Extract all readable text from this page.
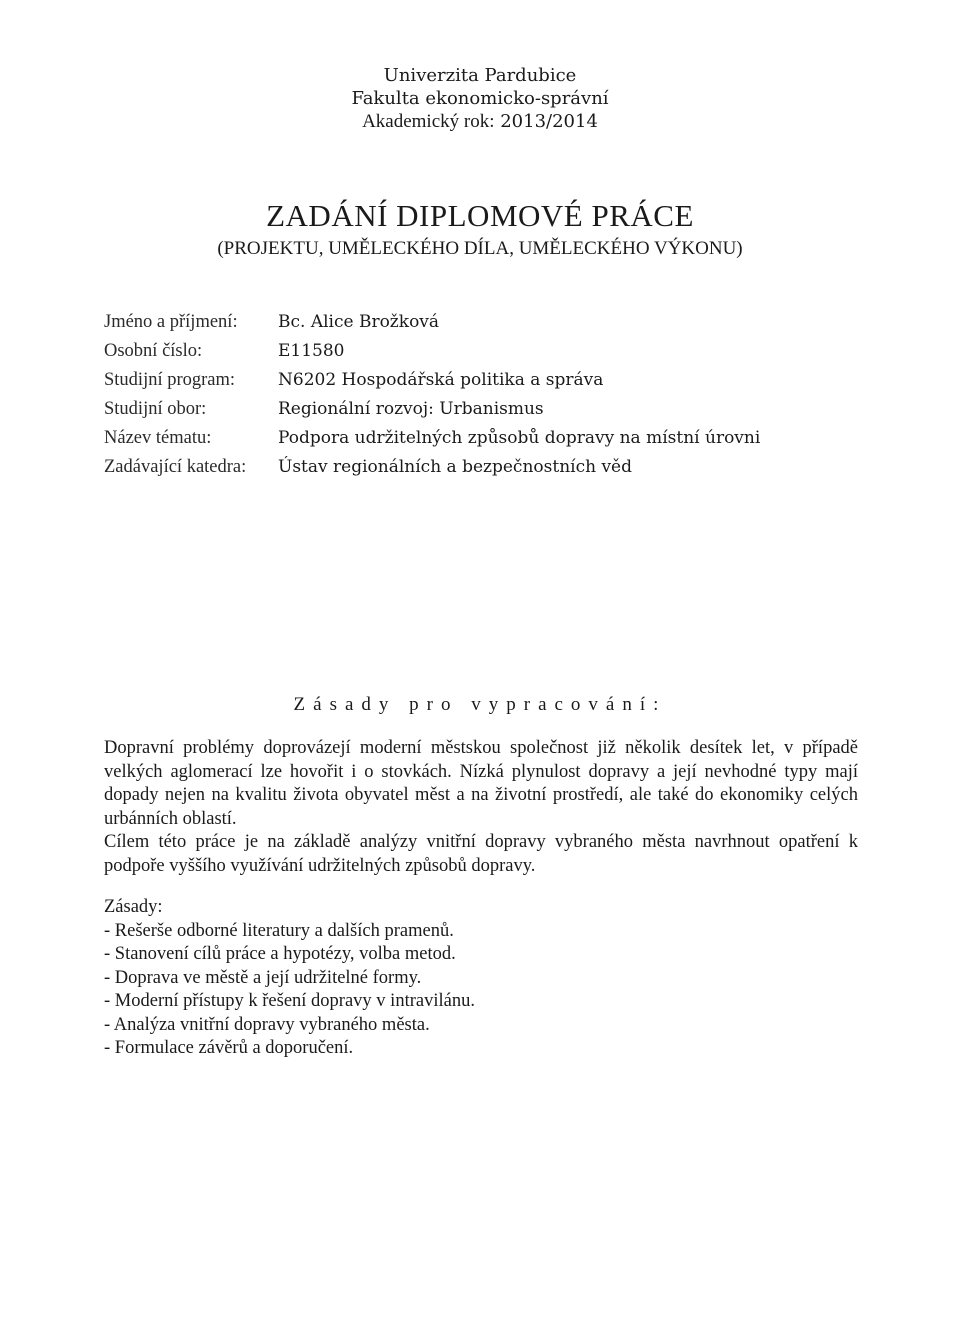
Univerzita Pardubice
Fakulta ekonomicko-správní
Akademický rok: 2013/2014
ZADÁNÍ DIPLOMOVÉ PRÁCE
(PROJEKTU, UMĚLECKÉHO DÍLA, UMĚLECKÉHO VÝKONU)
Jméno a příjmení:	Bc. Alice Brožková
Osobní číslo:	E11580
Studijní program:	N6202 Hospodářská politika a správa
Studijní obor:	Regionální rozvoj: Urbanismus
Název tématu:	Podpora udržitelných způsobů dopravy na místní úrovni
Zadávající katedra:	Ústav regionálních a bezpečnostních věd
Zásady pro vypracování:

Dopravní problémy doprovázejí moderní městskou společnost již několik desítek let, v případě velkých aglomerací lze hovořit i o stovkách. Nízká plynulost dopravy a její nevhodné typy mají dopady nejen na kvalitu života obyvatel měst a na životní prostředí, ale také do ekonomiky celých urbánních oblastí.

Cílem této práce je na základě analýzy vnitřní dopravy vybraného města navrhnout opatření k podpoře vyššího využívání udržitelných způsobů dopravy.

Zásady:
- Rešerše odborné literatury a dalších pramenů.
- Stanovení cílů práce a hypotézy, volba metod.
- Doprava ve městě a její udržitelné formy.
- Moderní přístupy k řešení dopravy v intravilánu.
- Analýza vnitřní dopravy vybraného města.
- Formulace závěrů a doporučení.
